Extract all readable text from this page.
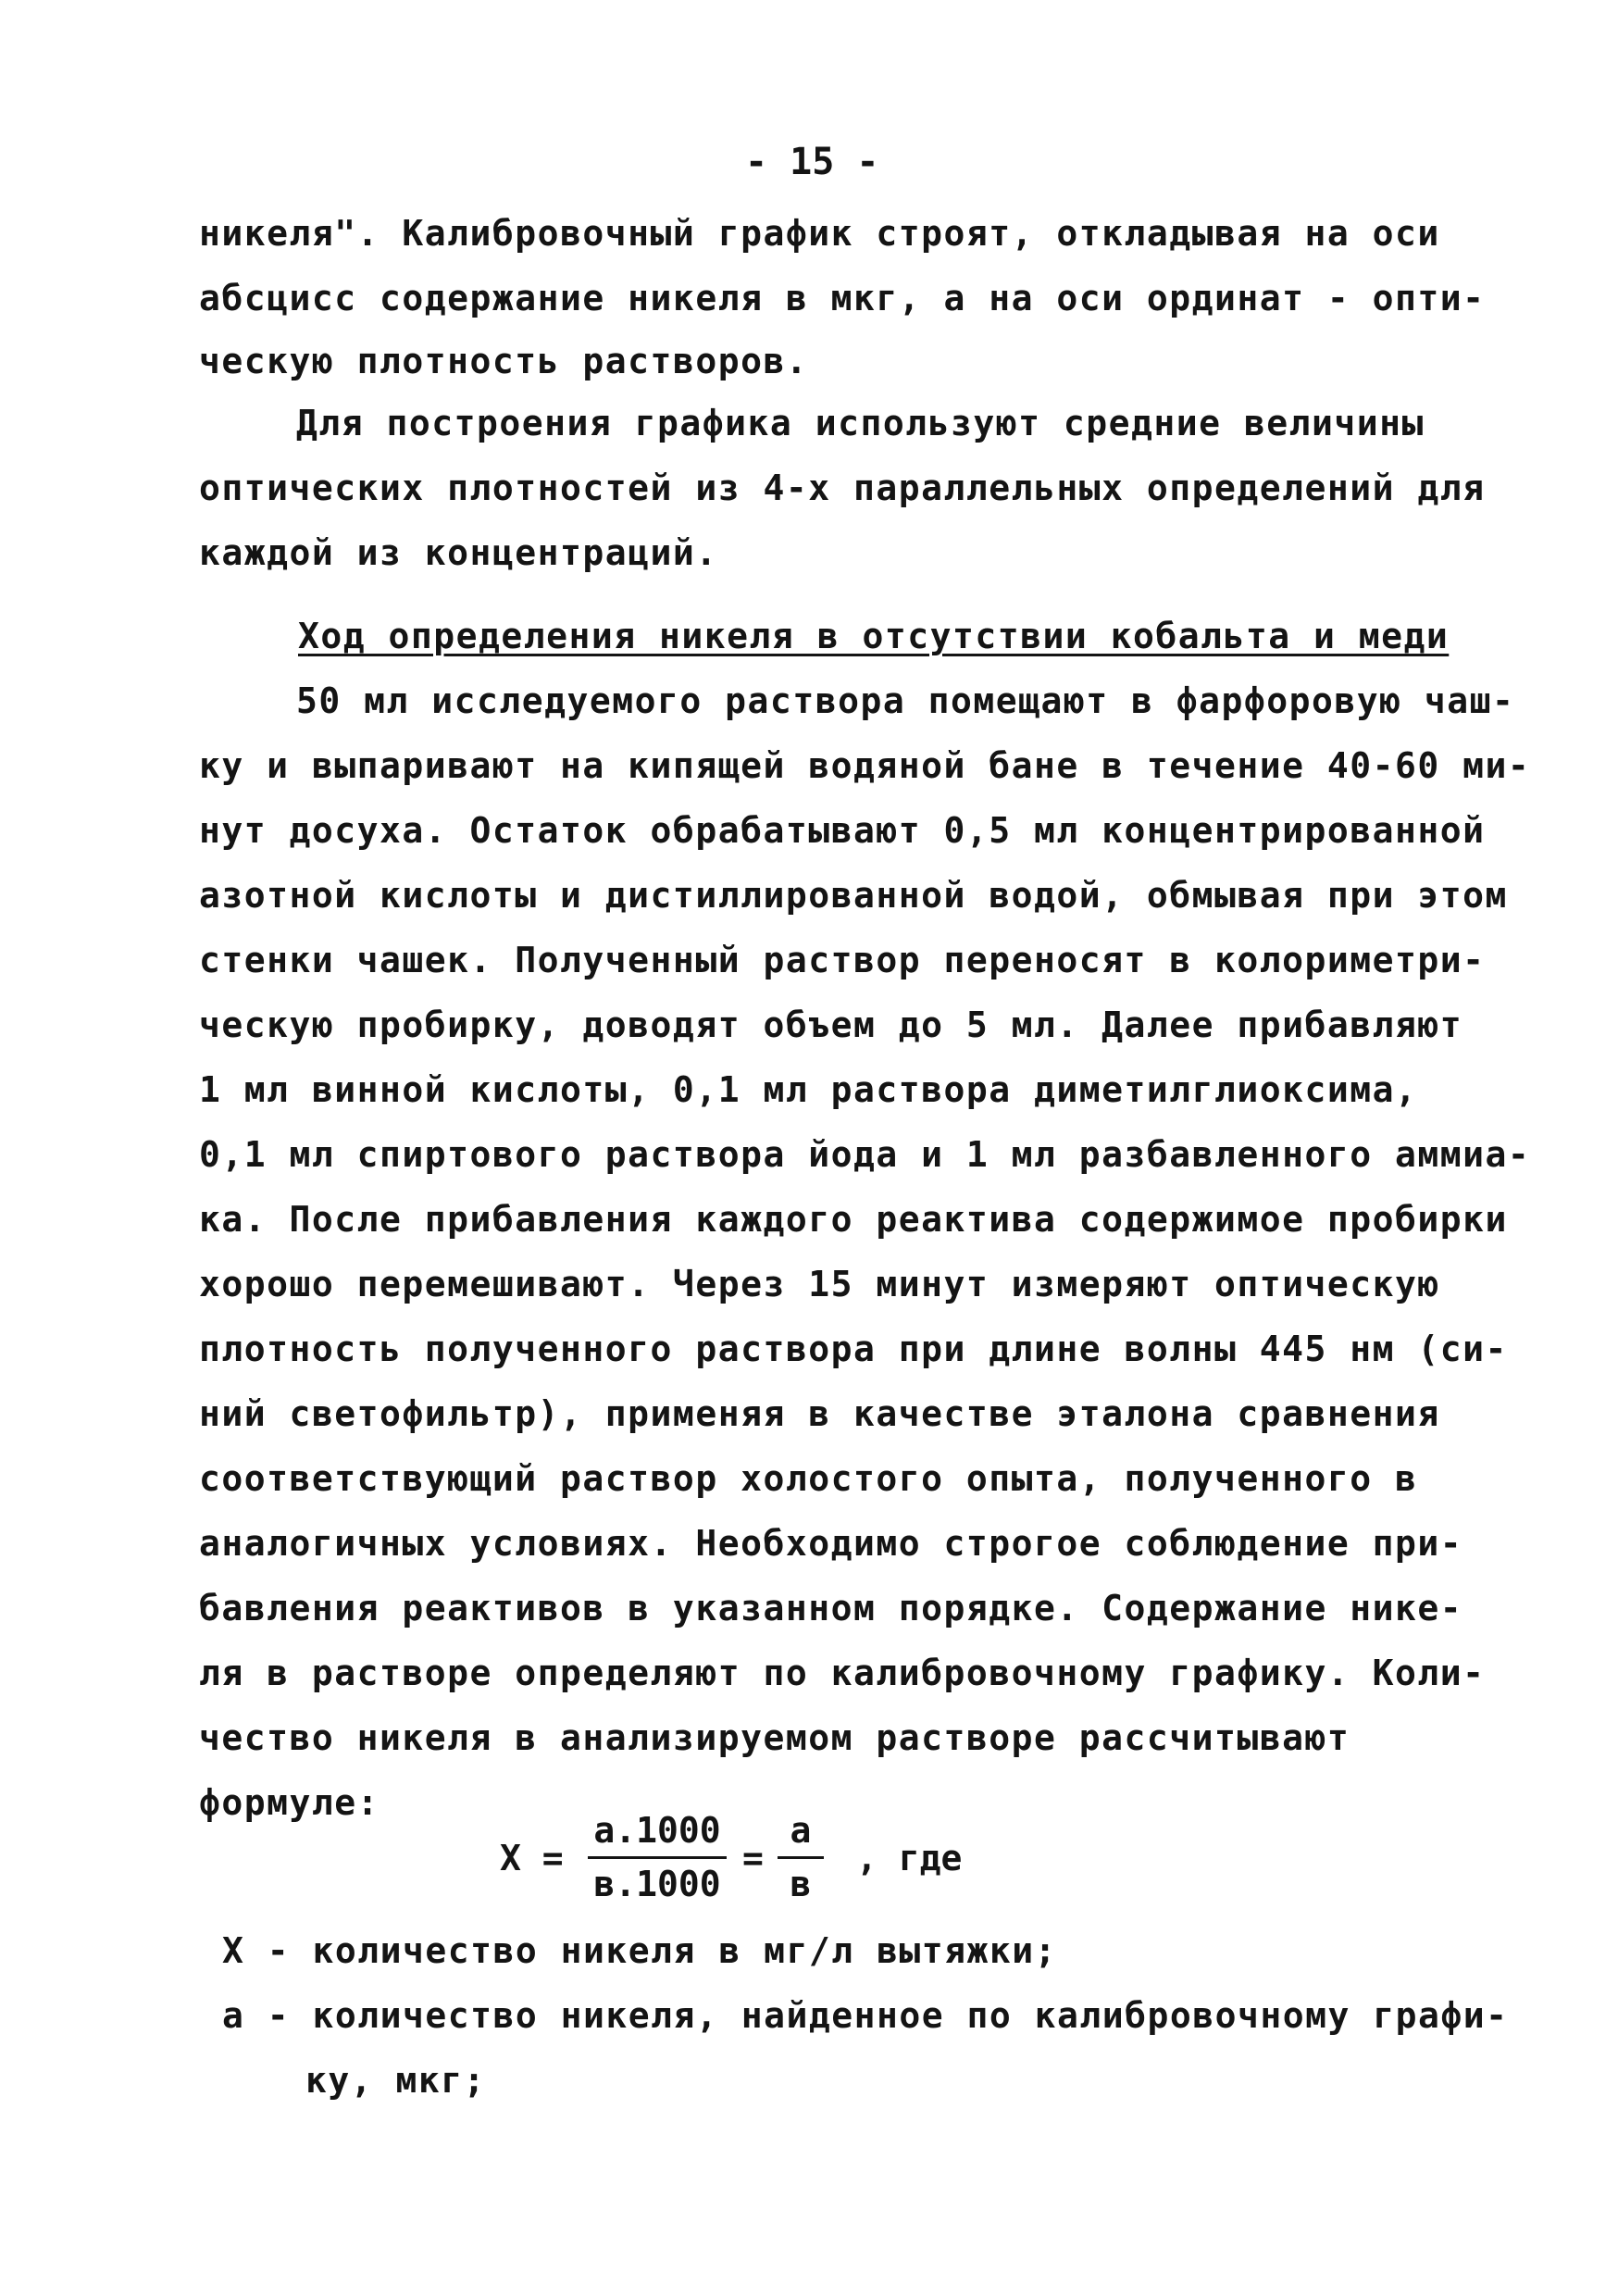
- 15 -
никеля". Калибровочный график строят, откладывая на оси
абсцисс содержание никеля в мкг, а на оси ординат - опти-
ческую плотность растворов.
Для построения графика используют средние величины
оптических плотностей из 4-х параллельных определений для
каждой из концентраций.
Ход определения никеля в отсутствии кобальта и меди
50 мл исследуемого раствора помещают в фарфоровую чаш-
ку и выпаривают на кипящей водяной бане в течение 40-60 ми-
нут досуха. Остаток обрабатывают 0,5 мл концентрированной
азотной кислоты и дистиллированной водой, обмывая при этом
стенки чашек. Полученный раствор переносят в колориметри-
ческую пробирку, доводят объем до 5 мл. Далее прибавляют
1 мл винной кислоты, 0,1 мл раствора диметилглиоксима,
0,1 мл спиртового раствора йода и 1 мл разбавленного аммиа-
ка. После прибавления каждого реактива содержимое пробирки
хорошо перемешивают. Через 15 минут измеряют оптическую
плотность полученного раствора при длине волны 445 нм (си-
ний светофильтр), применяя в качестве эталона сравнения
соответствующий раствор холостого опыта, полученного в
аналогичных условиях. Необходимо строгое соблюдение при-
бавления реактивов в указанном порядке. Содержание нике-
ля в растворе определяют по калибровочному графику. Коли-
чество никеля в анализируемом растворе рассчитывают
формуле:
X =
a.1000
в.1000
=
a
в
, где
X - количество никеля в мг/л вытяжки;
a - количество никеля, найденное по калибровочному графи-
ку, мкг;
